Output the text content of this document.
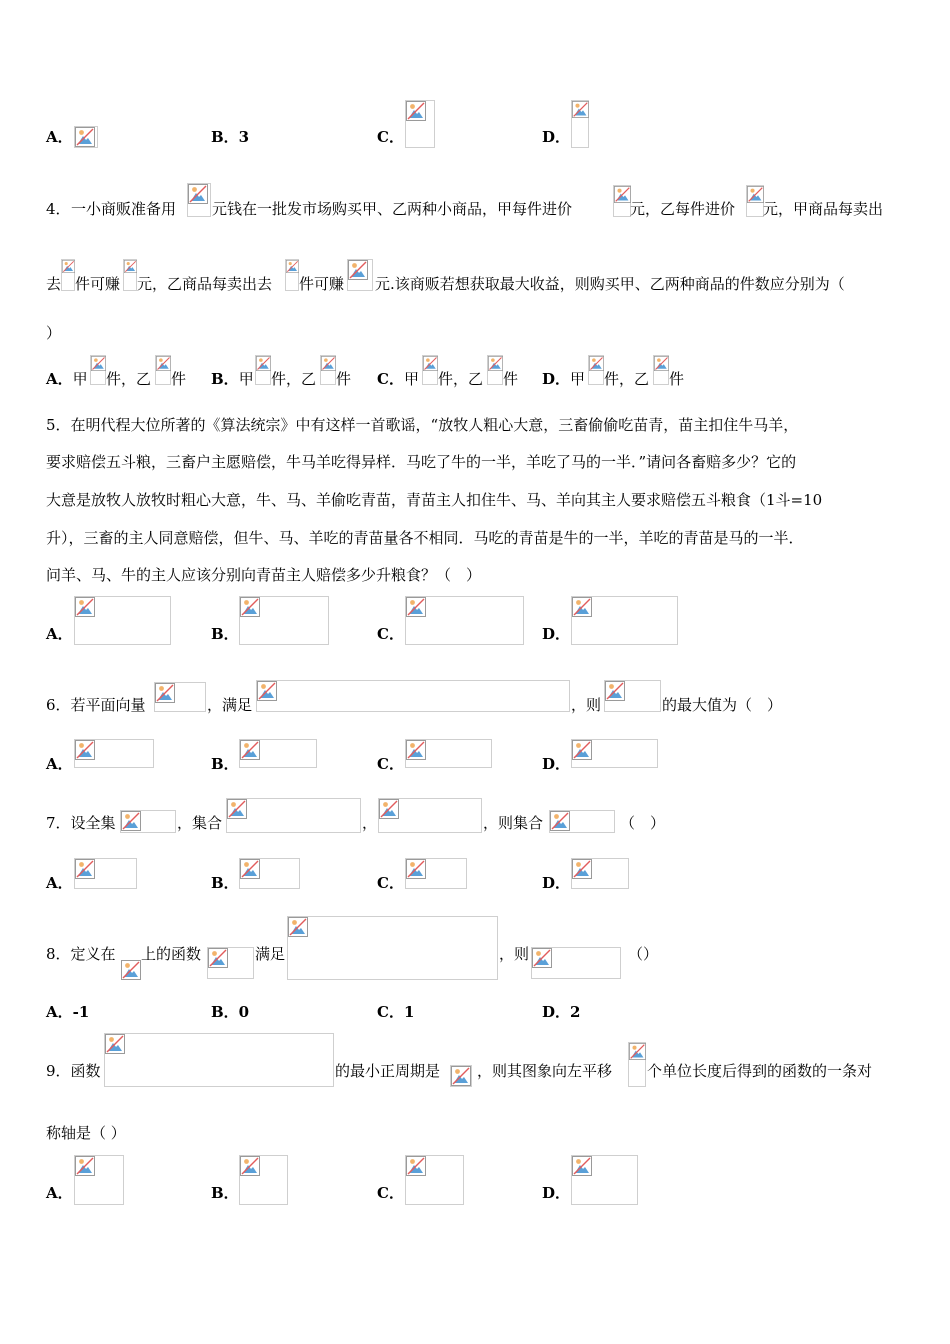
A．	B．3	C．	D．
4． 一小商贩准备用 元钱在一批发市场购买甲、乙两种小商品，甲每件进价	元，乙每件进价 元，甲商品每卖出
去 件可赚 元，乙商品每卖出去 件可赚 元.该商贩若想获取最大收益，则购买甲、乙两种商品的件数应分别为（
）
A．甲 件，乙 件 B．甲 件，乙 件 C．甲 件，乙 件 D．甲 件，乙 件
5．在明代程大位所著的《算法统宗》中有这样一首歌谣，“放牧人粗心大意，三畜偷偷吃苗青，苗主扣住牛马羊，
要求赔偿五斗粮，三畜户主愿赔偿，牛马羊吃得异样．马吃了牛的一半，羊吃了马的一半．”请问各畜赔多少？它的
大意是放牧人放牧时粗心大意，牛、马、羊偷吃青苗，青苗主人扣住牛、马、羊向其主人要求赔偿五斗粮食（1斗=10
升），三畜的主人同意赔偿，但牛、马、羊吃的青苗量各不相同．马吃的青苗是牛的一半，羊吃的青苗是马的一半．
问羊、马、牛的主人应该分别向青苗主人赔偿多少升粮食？（　）
A．	B．	C．	D．
6．若平面向量	，满足	，则	的最大值为（　）
A．	B．	C．	D．
7．设全集	，集合	，	，则集合	（　）
A．	B．	C．	D．
8．定义在 上的函数	满足	，则	（）
A．-1	B．0	C．1	D．2
9．函数	的最小正周期是 ，则其图象向左平移 个单位长度后得到的函数的一条对
称轴是（ ）
A．	B．	C．	D．
